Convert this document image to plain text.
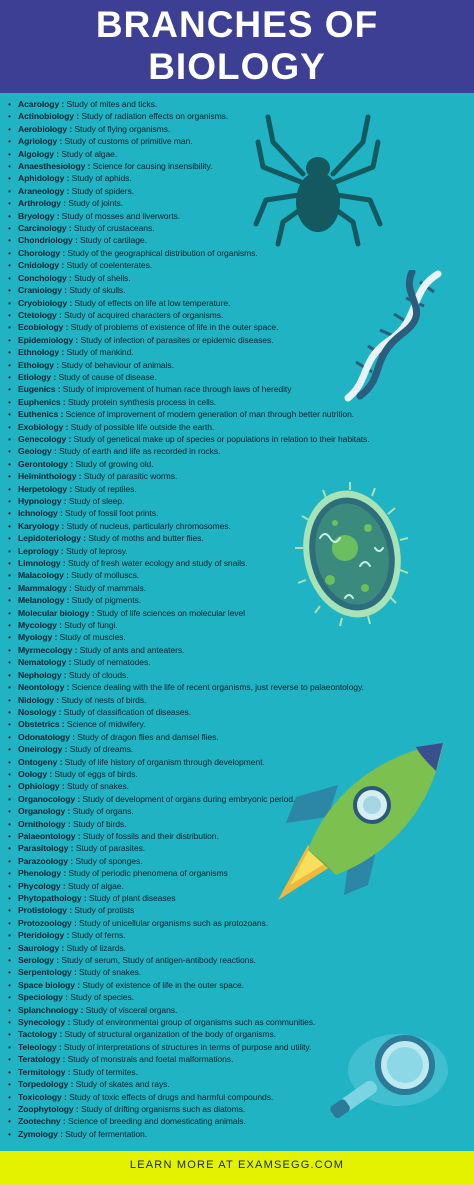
BRANCHES OF
BIOLOGY
• Acarology : Study of mites and ticks.
• Actinobiology : Study of radiation effects on organisms.
• Aerobiology : Study of flying organisms.
• Agriology : Study of customs of primitive man.
• Algology : Study of algae.
• Anaesthesiology : Science for causing insensibility.
• Aphidology : Study of aphids.
• Araneology : Study of spiders.
• Arthrology : Study of joints.
• Bryology : Study of mosses and liverworts.
• Carcinology : Study of crustaceans.
• Chondriology : Study of cartilage.
• Chorology : Study of the geographical distribution of organisms.
• Cnidology : Study of coelenterates.
• Conchology : Study of shells.
• Craniology : Study of skulls.
• Cryobiology : Study of effects on life at low temperature.
• Ctetology : Study of acquired characters of organisms.
• Ecobiology : Study of problems of existence of life in the outer space.
• Epidemiology : Study of infection of parasites or epidemic diseases.
• Ethnology : Study of mankind.
• Ethology : Study of behaviour of animals.
• Etiology : Study of cause of disease.
• Eugenics : Study of improvement of human race through laws of heredity
• Euphenics : Study protein synthesis process in cells.
• Euthenics : Science of improvement of modern generation of man through better nutrition.
• Exobiology : Study of possible life outside the earth.
• Genecology : Study of genetical make up of species or populations in relation to their habitats.
• Geology : Study of earth and life as recorded in rocks.
• Gerontology : Study of growing old.
• Helminthology : Study of parasitic worms.
• Herpetology : Study of reptiles.
• Hypnology : Study of sleep.
• Ichnology : Study of fossil foot prints.
• Karyology : Study of nucleus, particularly chromosomes.
• Lepidoteriology : Study of moths and butter flies.
• Leprology : Study of leprosy.
• Limnology : Study of fresh water ecology and study of snails.
• Malacology : Study of molluscs.
• Mammalogy : Study of mammals.
• Melanology : Study of pigments.
• Molecular biology : Study of life sciences on molecular level
• Mycology : Study of fungi.
• Myology : Study of muscles.
• Myrmecology : Study of ants and anteaters.
• Nematology : Study of nematodes.
• Nephology : Study of clouds.
• Neontology : Science dealing with the life of recent organisms, just reverse to palaeontology.
• Nidology : Study of nests of birds.
• Nosology : Study of classification of diseases.
• Obstetrics : Science of midwifery.
• Odonatology : Study of dragon flies and damsel flies.
• Oneirology : Study of dreams.
• Ontogeny : Study of life history of organism through development.
• Oology : Study of eggs of birds.
• Ophiology : Study of snakes.
• Organocology : Study of development of organs during embryonic period.
• Organology : Study of organs.
• Ornithology : Study of birds.
• Palaeontology : Study of fossils and their distribution.
• Parasitology : Study of parasites.
• Parazoology : Study of sponges.
• Phenology : Study of periodic phenomena of organisms
• Phycology : Study of algae.
• Phytopathology : Study of plant diseases
• Protistology : Study of protists
• Protozoology : Study of unicellular organisms such as protozoans.
• Pteridology : Study of ferns.
• Saurology : Study of lizards.
• Serology : Study of serum, Study of antigen-antibody reactions.
• Serpentology : Study of snakes.
• Space biology : Study of existence of life in the outer space.
• Speciology : Study of species.
• Splanchnology : Study of visceral organs.
• Synecology : Study of environmental group of organisms such as communities.
• Tactology : Study of structural organization of the body of organisms.
• Teleology : Study of interpretations of structures in terms of purpose and utility.
• Teratology : Study of monstrals and foetal malformations.
• Termitology : Study of termites.
• Torpedology : Study of skates and rays.
• Toxicology : Study of toxic effects of drugs and harmful compounds.
• Zoophytology : Study of drifting organisms such as diatoms.
• Zootechny : Science of breeding and domesticating animals.
• Zymology : Study of fermentation.
LEARN MORE AT EXAMSEGG.COM
